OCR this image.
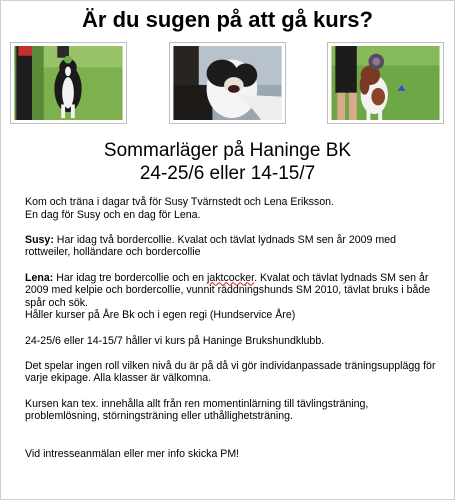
Är du sugen på att gå kurs?
Sommarläger på Haninge BK
24-25/6 eller 14-15/7

Kom och träna i dagar två för Susy Tvärnstedt och Lena Eriksson.

En dag för Susy och en dag för Lena.

Susy: Har idag två bordercollie. Kvalat och tävlat lydnads SM sen år 2009 med rottweiler, holländare och bordercollie

Lena: Har idag tre bordercollie och en jaktcocker. Kvalat och tävlat lydnads SM sen år 2009 med kelpie och bordercollie, vunnit räddningshunds SM 2010, tävlat bruks i både spår och sök.

Håller kurser på Åre Bk och i egen regi (Hundservice Åre)

24-25/6 eller 14-15/7 håller vi kurs på Haninge Brukshundklubb.

Det spelar ingen roll vilken nivå du är på då vi gör individanpassade träningsupplägg för varje ekipage. Alla klasser är välkomna.

Kursen kan tex. innehålla allt från ren momentinlärning till tävlingsträning, problemlösning, störningsträning eller uthållighetsträning.

Vid intresseanmälan eller mer info skicka PM!
